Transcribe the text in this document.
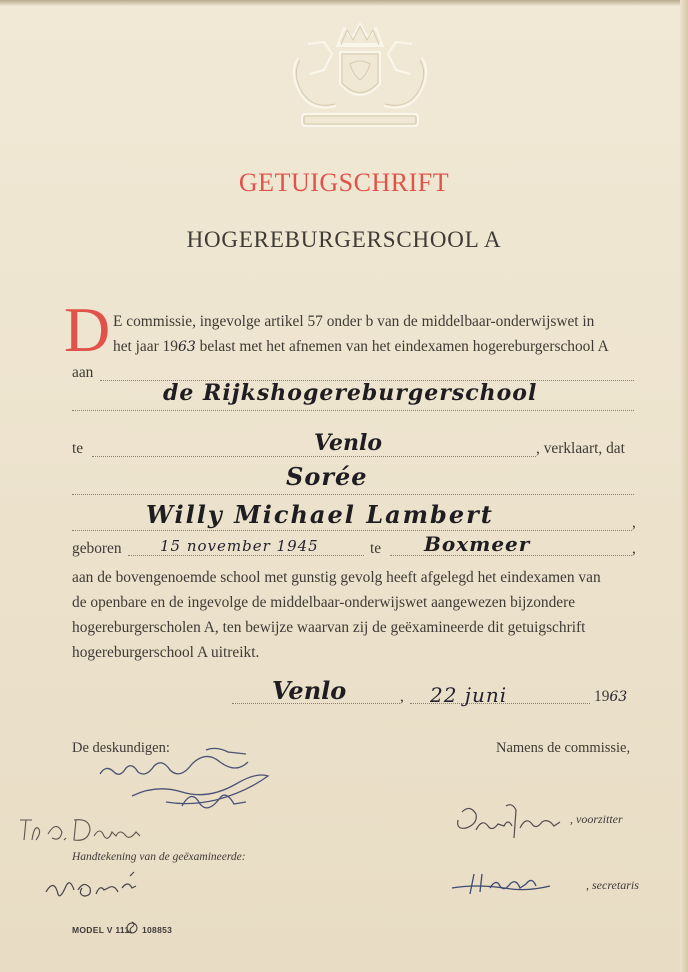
GETUIGSCHRIFT
HOGEREBURGERSCHOOL A
D E commissie, ingevolge artikel 57 onder b van de middelbaar-onderwijswet in
het jaar 1963 belast met het afnemen van het eindexamen hogereburgerschool A
aan
de Rijkshogereburgerschool
te	Venlo	, verklaart, dat
Sorée
Willy Michael Lambert	,
geboren	15 november 1945	te Boxmeer	,
aan de bovengenoemde school met gunstig gevolg heeft afgelegd het eindexamen van
de openbare en de ingevolge de middelbaar-onderwijswet aangewezen bijzondere
hogereburgerscholen A, ten bewijze waarvan zij de geëxamineerde dit getuigschrift
hogereburgerschool A uitreikt.
Venlo	, 22 juni	1963
De deskundigen:	Namens de commissie,
, voorzitter
Handtekening van de geëxamineerde:
, secretaris
MODEL V 111 108853
